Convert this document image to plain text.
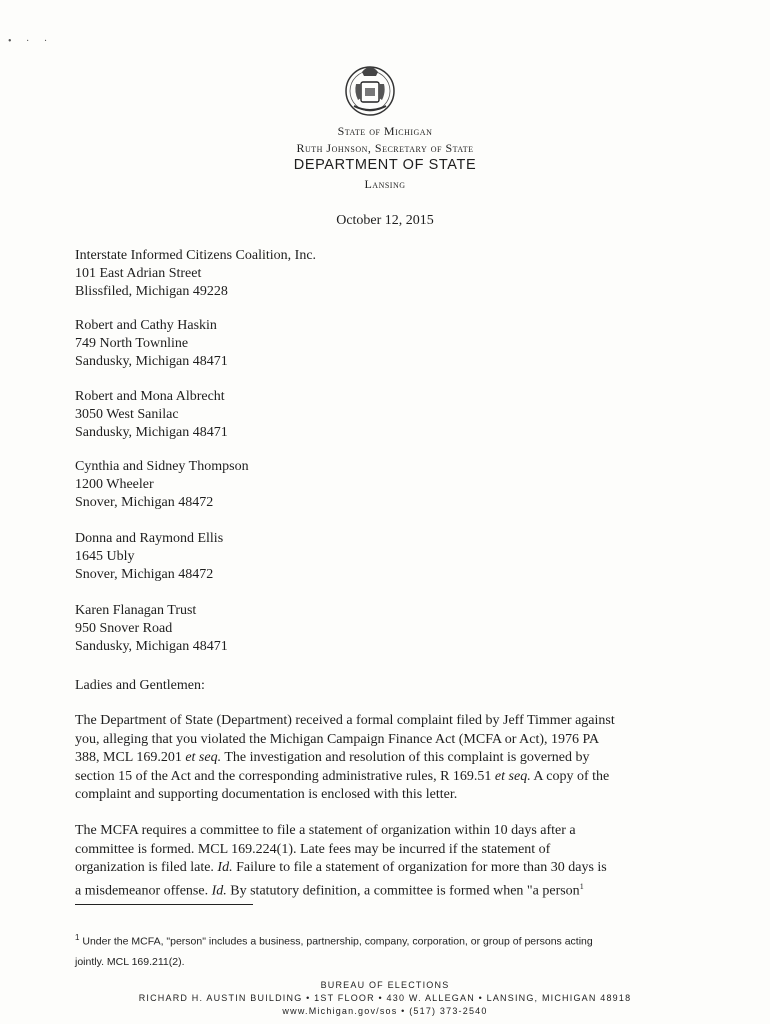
• · ·
State of Michigan
Ruth Johnson, Secretary of State
DEPARTMENT OF STATE
Lansing
October 12, 2015
Interstate Informed Citizens Coalition, Inc.
101 East Adrian Street
Blissfiled, Michigan 49228
Robert and Cathy Haskin
749 North Townline
Sandusky, Michigan 48471
Robert and Mona Albrecht
3050 West Sanilac
Sandusky, Michigan 48471
Cynthia and Sidney Thompson
1200 Wheeler
Snover, Michigan 48472
Donna and Raymond Ellis
1645 Ubly
Snover, Michigan 48472
Karen Flanagan Trust
950 Snover Road
Sandusky, Michigan 48471
Ladies and Gentlemen:
The Department of State (Department) received a formal complaint filed by Jeff Timmer against
you, alleging that you violated the Michigan Campaign Finance Act (MCFA or Act), 1976 PA
388, MCL 169.201 et seq. The investigation and resolution of this complaint is governed by
section 15 of the Act and the corresponding administrative rules, R 169.51 et seq. A copy of the
complaint and supporting documentation is enclosed with this letter.
The MCFA requires a committee to file a statement of organization within 10 days after a
committee is formed. MCL 169.224(1). Late fees may be incurred if the statement of
organization is filed late. Id. Failure to file a statement of organization for more than 30 days is
a misdemeanor offense. Id. By statutory definition, a committee is formed when "a person$^1$
$^1$ Under the MCFA, "person" includes a business, partnership, company, corporation, or group of persons acting
jointly. MCL 169.211(2).
BUREAU OF ELECTIONS
RICHARD H. AUSTIN BUILDING • 1ST FLOOR • 430 W. ALLEGAN • LANSING, MICHIGAN 48918
www.Michigan.gov/sos • (517) 373-2540
